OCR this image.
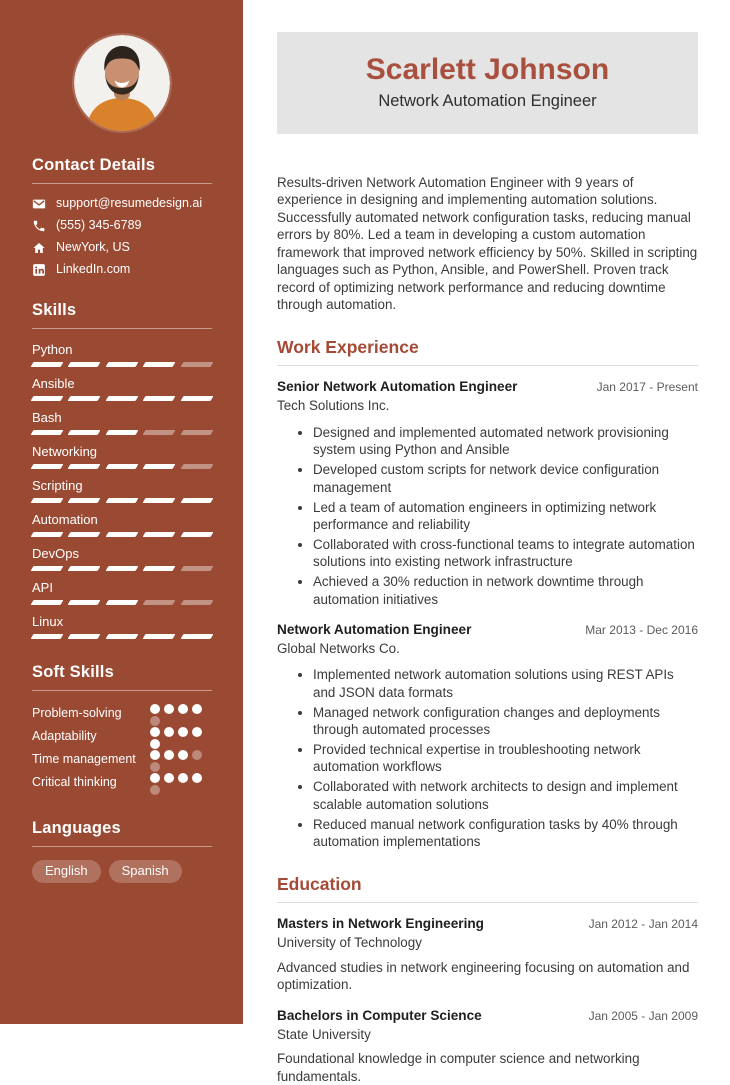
Contact Details
support@resumedesign.ai
(555) 345-6789
NewYork, US
LinkedIn.com
Skills
Python
Ansible
Bash
Networking
Scripting
Automation
DevOps
API
Linux
Soft Skills
Problem-solving
Adaptability
Time management
Critical thinking
Languages
English	Spanish
Scarlett Johnson
Network Automation Engineer

Results-driven Network Automation Engineer with 9 years of experience in designing and implementing automation solutions. Successfully automated network configuration tasks, reducing manual errors by 80%. Led a team in developing a custom automation framework that improved network efficiency by 50%. Skilled in scripting languages such as Python, Ansible, and PowerShell. Proven track record of optimizing network performance and reducing downtime through automation.

Work Experience
Senior Network Automation Engineer	Jan 2017 - Present
Tech Solutions Inc.
• Designed and implemented automated network provisioning system using Python and Ansible
• Developed custom scripts for network device configuration management
• Led a team of automation engineers in optimizing network performance and reliability
• Collaborated with cross-functional teams to integrate automation solutions into existing network infrastructure
• Achieved a 30% reduction in network downtime through automation initiatives
Network Automation Engineer	Mar 2013 - Dec 2016
Global Networks Co.
• Implemented network automation solutions using REST APIs and JSON data formats
• Managed network configuration changes and deployments through automated processes
• Provided technical expertise in troubleshooting network automation workflows
• Collaborated with network architects to design and implement scalable automation solutions
• Reduced manual network configuration tasks by 40% through automation implementations
Education
Masters in Network Engineering	Jan 2012 - Jan 2014
University of Technology

Advanced studies in network engineering focusing on automation and optimization.

Bachelors in Computer Science	Jan 2005 - Jan 2009
State University

Foundational knowledge in computer science and networking fundamentals.
